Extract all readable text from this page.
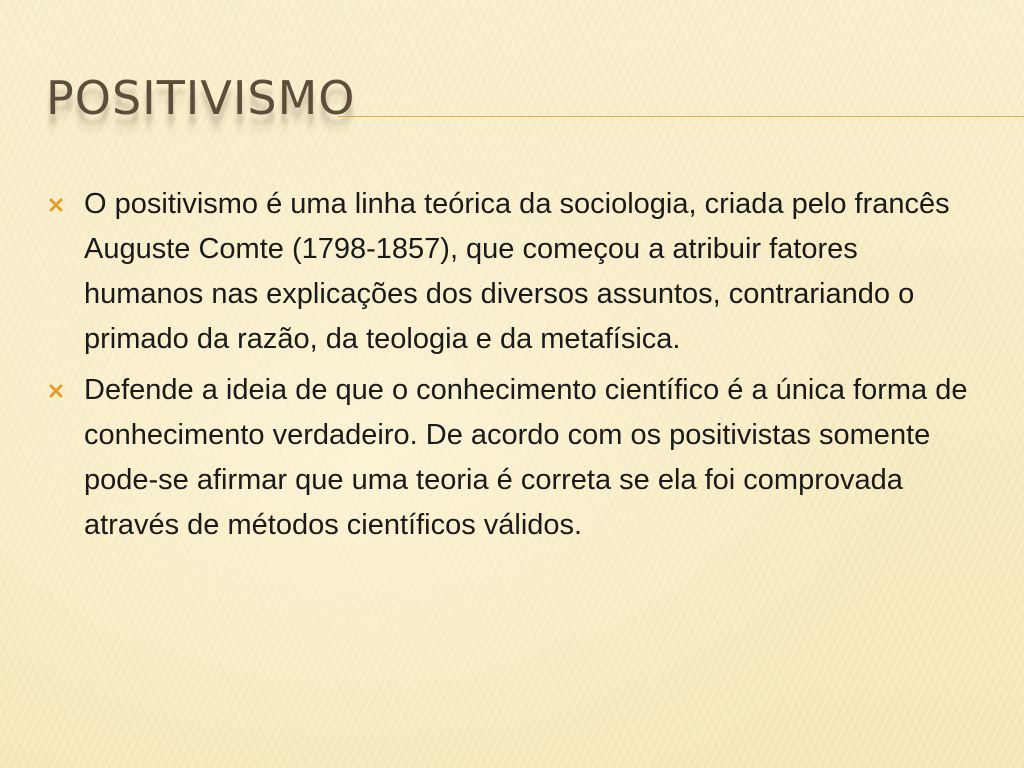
POSITIVISMO
O positivismo é uma linha teórica da sociologia, criada pelo francês Auguste Comte (1798-1857), que começou a atribuir fatores humanos nas explicações dos diversos assuntos, contrariando o primado da razão, da teologia e da metafísica.
Defende a ideia de que o conhecimento científico é a única forma de conhecimento verdadeiro. De acordo com os positivistas somente pode-se afirmar que uma teoria é correta se ela foi comprovada através de métodos científicos válidos.
